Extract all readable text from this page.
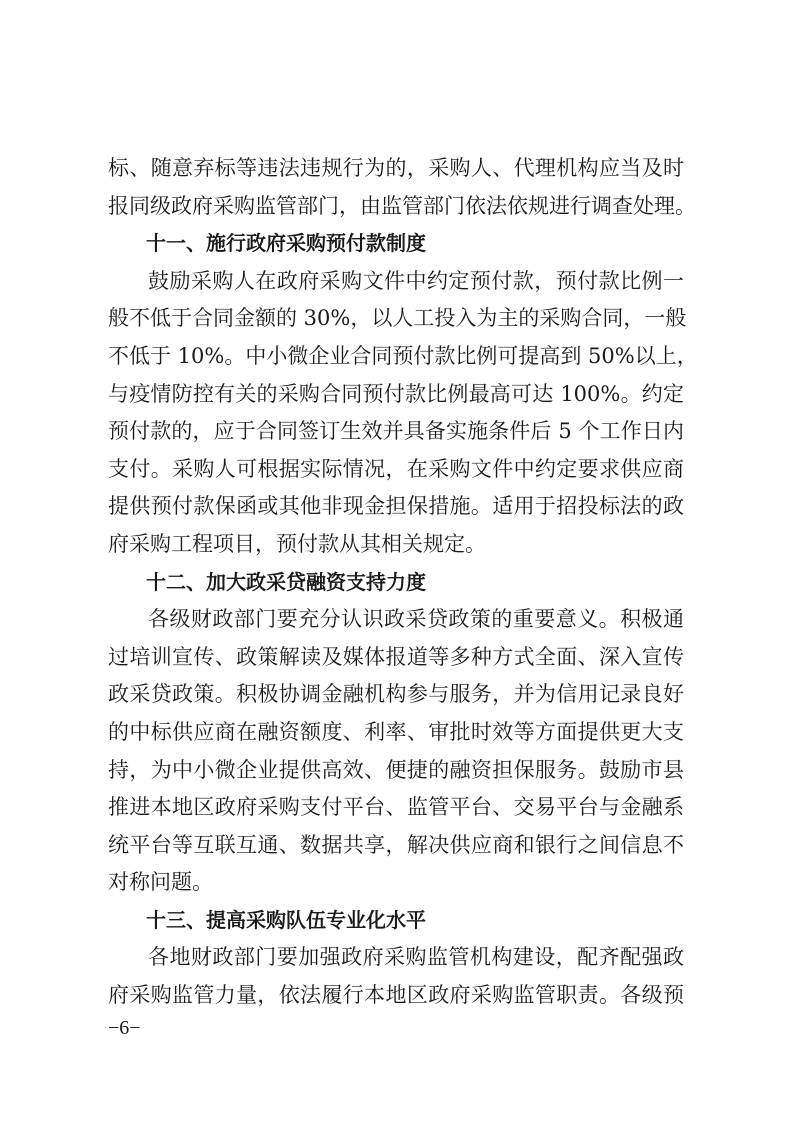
标、随意弃标等违法违规行为的，采购人、代理机构应当及时
报同级政府采购监管部门，由监管部门依法依规进行调查处理。
十一、施行政府采购预付款制度
鼓励采购人在政府采购文件中约定预付款，预付款比例一
般不低于合同金额的 30%，以人工投入为主的采购合同，一般
不低于 10%。中小微企业合同预付款比例可提高到 50%以上，
与疫情防控有关的采购合同预付款比例最高可达 100%。约定
预付款的，应于合同签订生效并具备实施条件后 5 个工作日内
支付。采购人可根据实际情况，在采购文件中约定要求供应商
提供预付款保函或其他非现金担保措施。适用于招投标法的政
府采购工程项目，预付款从其相关规定。
十二、加大政采贷融资支持力度
各级财政部门要充分认识政采贷政策的重要意义。积极通
过培训宣传、政策解读及媒体报道等多种方式全面、深入宣传
政采贷政策。积极协调金融机构参与服务，并为信用记录良好
的中标供应商在融资额度、利率、审批时效等方面提供更大支
持，为中小微企业提供高效、便捷的融资担保服务。鼓励市县
推进本地区政府采购支付平台、监管平台、交易平台与金融系
统平台等互联互通、数据共享，解决供应商和银行之间信息不
对称问题。
十三、提高采购队伍专业化水平
各地财政部门要加强政府采购监管机构建设，配齐配强政
府采购监管力量，依法履行本地区政府采购监管职责。各级预
−6−
